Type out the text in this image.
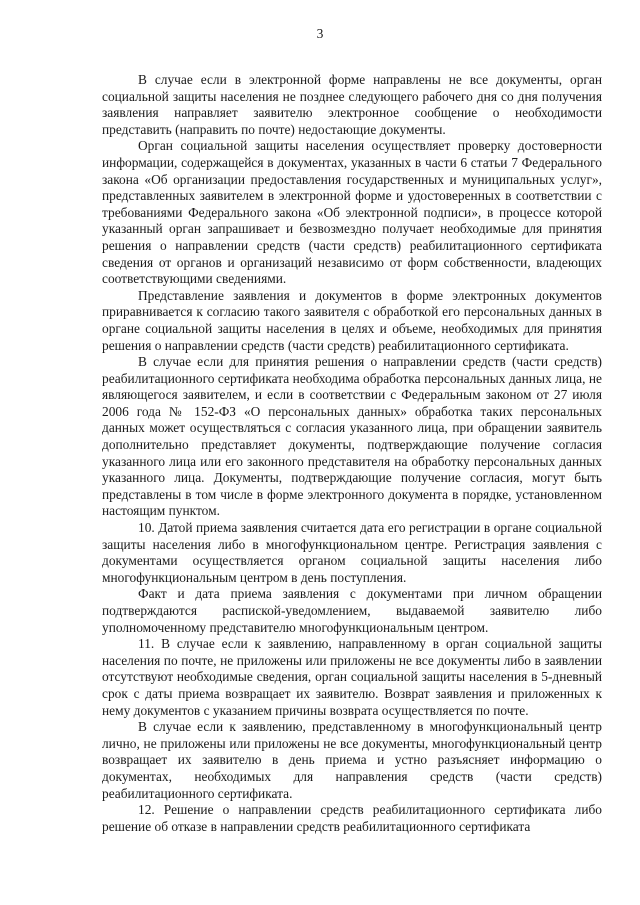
3

В случае если в электронной форме направлены не все документы, орган социальной защиты населения не позднее следующего рабочего дня со дня получения заявления направляет заявителю электронное сообщение о необходимости представить (направить по почте) недостающие документы.

Орган социальной защиты населения осуществляет проверку достоверности информации, содержащейся в документах, указанных в части 6 статьи 7 Федерального закона «Об организации предоставления государственных и муниципальных услуг», представленных заявителем в электронной форме и удостоверенных в соответствии с требованиями Федерального закона «Об электронной подписи», в процессе которой указанный орган запрашивает и безвозмездно получает необходимые для принятия решения о направлении средств (части средств) реабилитационного сертификата сведения от органов и организаций независимо от форм собственности, владеющих соответствующими сведениями.

Представление заявления и документов в форме электронных документов приравнивается к согласию такого заявителя с обработкой его персональных данных в органе социальной защиты населения в целях и объеме, необходимых для принятия решения о направлении средств (части средств) реабилитационного сертификата.

В случае если для принятия решения о направлении средств (части средств) реабилитационного сертификата необходима обработка персональных данных лица, не являющегося заявителем, и если в соответствии с Федеральным законом от 27 июля 2006 года № 152-ФЗ «О персональных данных» обработка таких персональных данных может осуществляться с согласия указанного лица, при обращении заявитель дополнительно представляет документы, подтверждающие получение согласия указанного лица или его законного представителя на обработку персональных данных указанного лица. Документы, подтверждающие получение согласия, могут быть представлены в том числе в форме электронного документа в порядке, установленном настоящим пунктом.

10. Датой приема заявления считается дата его регистрации в органе социальной защиты населения либо в многофункциональном центре. Регистрация заявления с документами осуществляется органом социальной защиты населения либо многофункциональным центром в день поступления.

Факт и дата приема заявления с документами при личном обращении подтверждаются распиской-уведомлением, выдаваемой заявителю либо уполномоченному представителю многофункциональным центром.

11. В случае если к заявлению, направленному в орган социальной защиты населения по почте, не приложены или приложены не все документы либо в заявлении отсутствуют необходимые сведения, орган социальной защиты населения в 5-дневный срок с даты приема возвращает их заявителю. Возврат заявления и приложенных к нему документов с указанием причины возврата осуществляется по почте.

В случае если к заявлению, представленному в многофункциональный центр лично, не приложены или приложены не все документы, многофункциональный центр возвращает их заявителю в день приема и устно разъясняет информацию о документах, необходимых для направления средств (части средств) реабилитационного сертификата.

12. Решение о направлении средств реабилитационного сертификата либо решение об отказе в направлении средств реабилитационного сертификата
